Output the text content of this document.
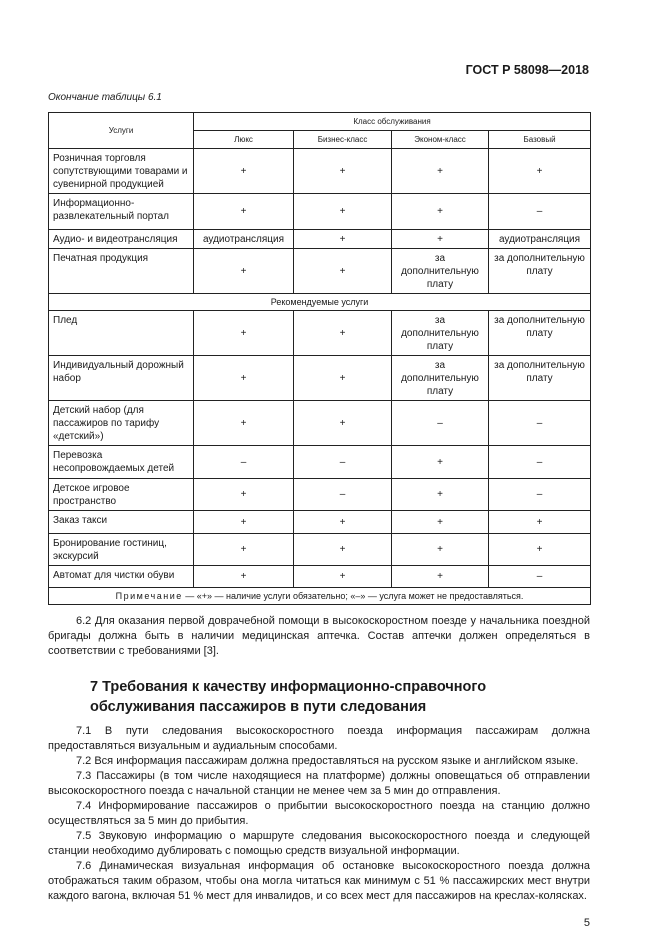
ГОСТ Р 58098—2018
Окончание таблицы 6.1
Услуги	Класс обслуживания			
	Люкс	Бизнес-класс	Эконом-класс	Базовый
Розничная торговля сопутствующими товарами и сувенирной продукцией	+	+	+	+
Информационно-развлекательный портал	+	+	+	–
Аудио- и видеотрансляция	аудиотрансляция	+	+	аудиотрансляция
Печатная продукция	+	+	за дополнительную плату	за дополнительную плату
Рекомендуемые услуги				
Плед	+	+	за дополнительную плату	за дополнительную плату
Индивидуальный дорожный набор	+	+	за дополнительную плату	за дополнительную плату
Детский набор (для пассажиров по тарифу «детский»)	+	+	–	–
Перевозка несопровождаемых детей	–	–	+	–
Детское игровое пространство	+	–	+	–
Заказ такси	+	+	+	+
Бронирование гостиниц, экскурсий	+	+	+	+
Автомат для чистки обуви	+	+	+	–
Примечание — «+» — наличие услуги обязательно; «–» — услуга может не предоставляться.				

6.2 Для оказания первой доврачебной помощи в высокоскоростном поезде у начальника поездной бригады должна быть в наличии медицинская аптечка. Состав аптечки должен определяться в соответствии с требованиями [3].

7 Требования к качеству информационно-справочного обслуживания пассажиров в пути следования

7.1 В пути следования высокоскоростного поезда информация пассажирам должна предоставляться визуальным и аудиальным способами.

7.2 Вся информация пассажирам должна предоставляться на русском языке и английском языке.

7.3 Пассажиры (в том числе находящиеся на платформе) должны оповещаться об отправлении высокоскоростного поезда с начальной станции не менее чем за 5 мин до отправления.

7.4 Информирование пассажиров о прибытии высокоскоростного поезда на станцию должно осуществляться за 5 мин до прибытия.

7.5 Звуковую информацию о маршруте следования высокоскоростного поезда и следующей станции необходимо дублировать с помощью средств визуальной информации.

7.6 Динамическая визуальная информация об остановке высокоскоростного поезда должна отображаться таким образом, чтобы она могла читаться как минимум с 51 % пассажирских мест внутри каждого вагона, включая 51 % мест для инвалидов, и со всех мест для пассажиров на креслах-колясках.

5
